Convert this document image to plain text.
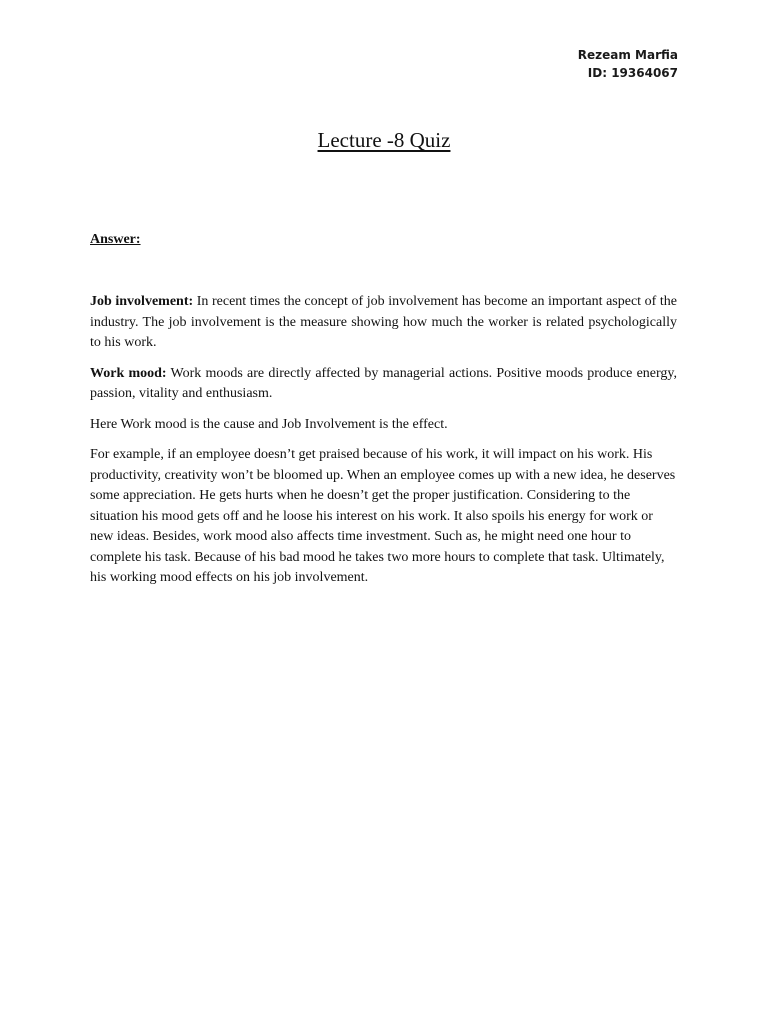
Rezeam Marfia
ID: 19364067
Lecture -8 Quiz
Answer:

Job involvement: In recent times the concept of job involvement has become an important aspect of the industry. The job involvement is the measure showing how much the worker is related psychologically to his work.

Work mood: Work moods are directly affected by managerial actions. Positive moods produce energy, passion, vitality and enthusiasm.

Here Work mood is the cause and Job Involvement is the effect.

For example, if an employee doesn’t get praised because of his work, it will impact on his work. His productivity, creativity won’t be bloomed up. When an employee comes up with a new idea, he deserves some appreciation. He gets hurts when he doesn’t get the proper justification. Considering to the situation his mood gets off and he loose his interest on his work. It also spoils his energy for work or new ideas. Besides, work mood also affects time investment. Such as, he might need one hour to complete his task. Because of his bad mood he takes two more hours to complete that task. Ultimately, his working mood effects on his job involvement.
